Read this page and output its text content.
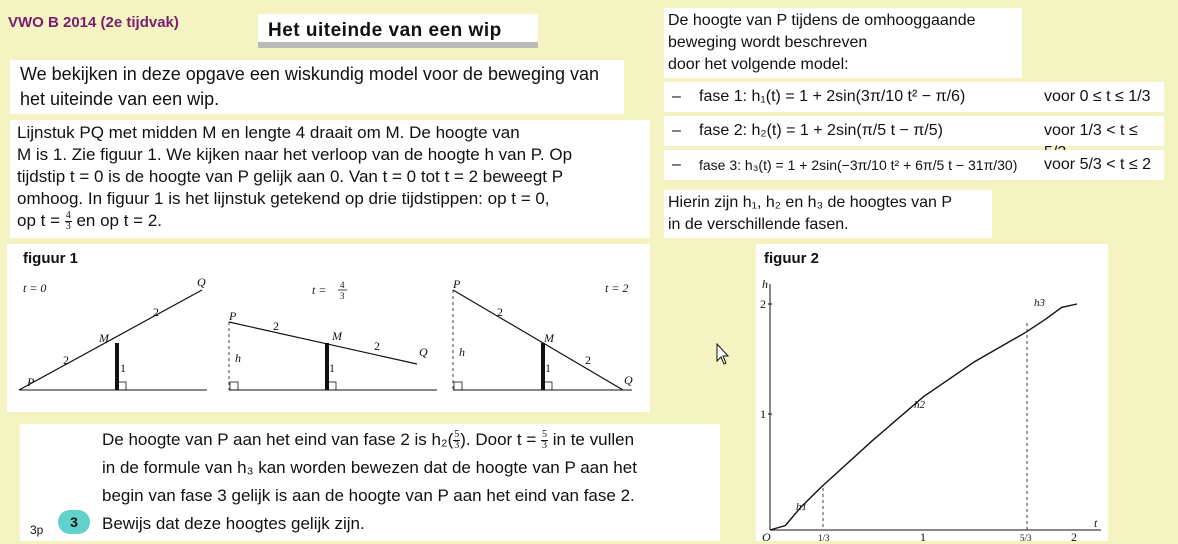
VWO B 2014 (2e tijdvak)	Het uiteinde van een wip
We bekijken in deze opgave een wiskundig model voor de beweging van het uiteinde van een wip.
Lijnstuk PQ met midden M en lengte 4 draait om M. De hoogte van
M is 1. Zie figuur 1. We kijken naar het verloop van de hoogte h van P. Op
tijdstip t = 0 is de hoogte van P gelijk aan 0. Van t = 0 tot t = 2 beweegt P
omhoog. In figuur 1 is het lijnstuk getekend op drie tijdstippen: op t = 0,
op $t = \frac{4}{3}$ en op t = 2.
figuur 1
t = 0
P
Q
M
2
2
1
t = 4
3
P
Q
M
h
2
2
1
t = 2
P
Q
M
h
2
2
1
De hoogte van P aan het eind van fase 2 is $h_2( \frac{5}{3}$ ). Door $t = \frac{5}{3}$ in te vullen
in de formule van h₃ kan worden bewezen dat de hoogte van P aan het
begin van fase 3 gelijk is aan de hoogte van P aan het eind van fase 2.
Bewijs dat deze hoogtes gelijk zijn.
3p	3
De hoogte van P tijdens de omhooggaande
beweging wordt beschreven
door het volgende model:
– fase 1: h₁(t) = 1 + 2sin(3π/10 t² − π/6)	voor 0 ≤ t ≤ 1/3
– fase 2: h₂(t) = 1 + 2sin(π/5 t − π/5)	voor 1/3 < t ≤
– fase 3: h₃(t) = 1 + 2sin(−3π/10 t² + 6π/5 t − 31π/30) voor 5/3 < t ≤ 2
Hierin zijn h₁, h₂ en h₃ de hoogtes van P
in de verschillende fasen.
figuur 2
h
t
2
1
O	1/3	1	5/3	2
h1
h2
h3
